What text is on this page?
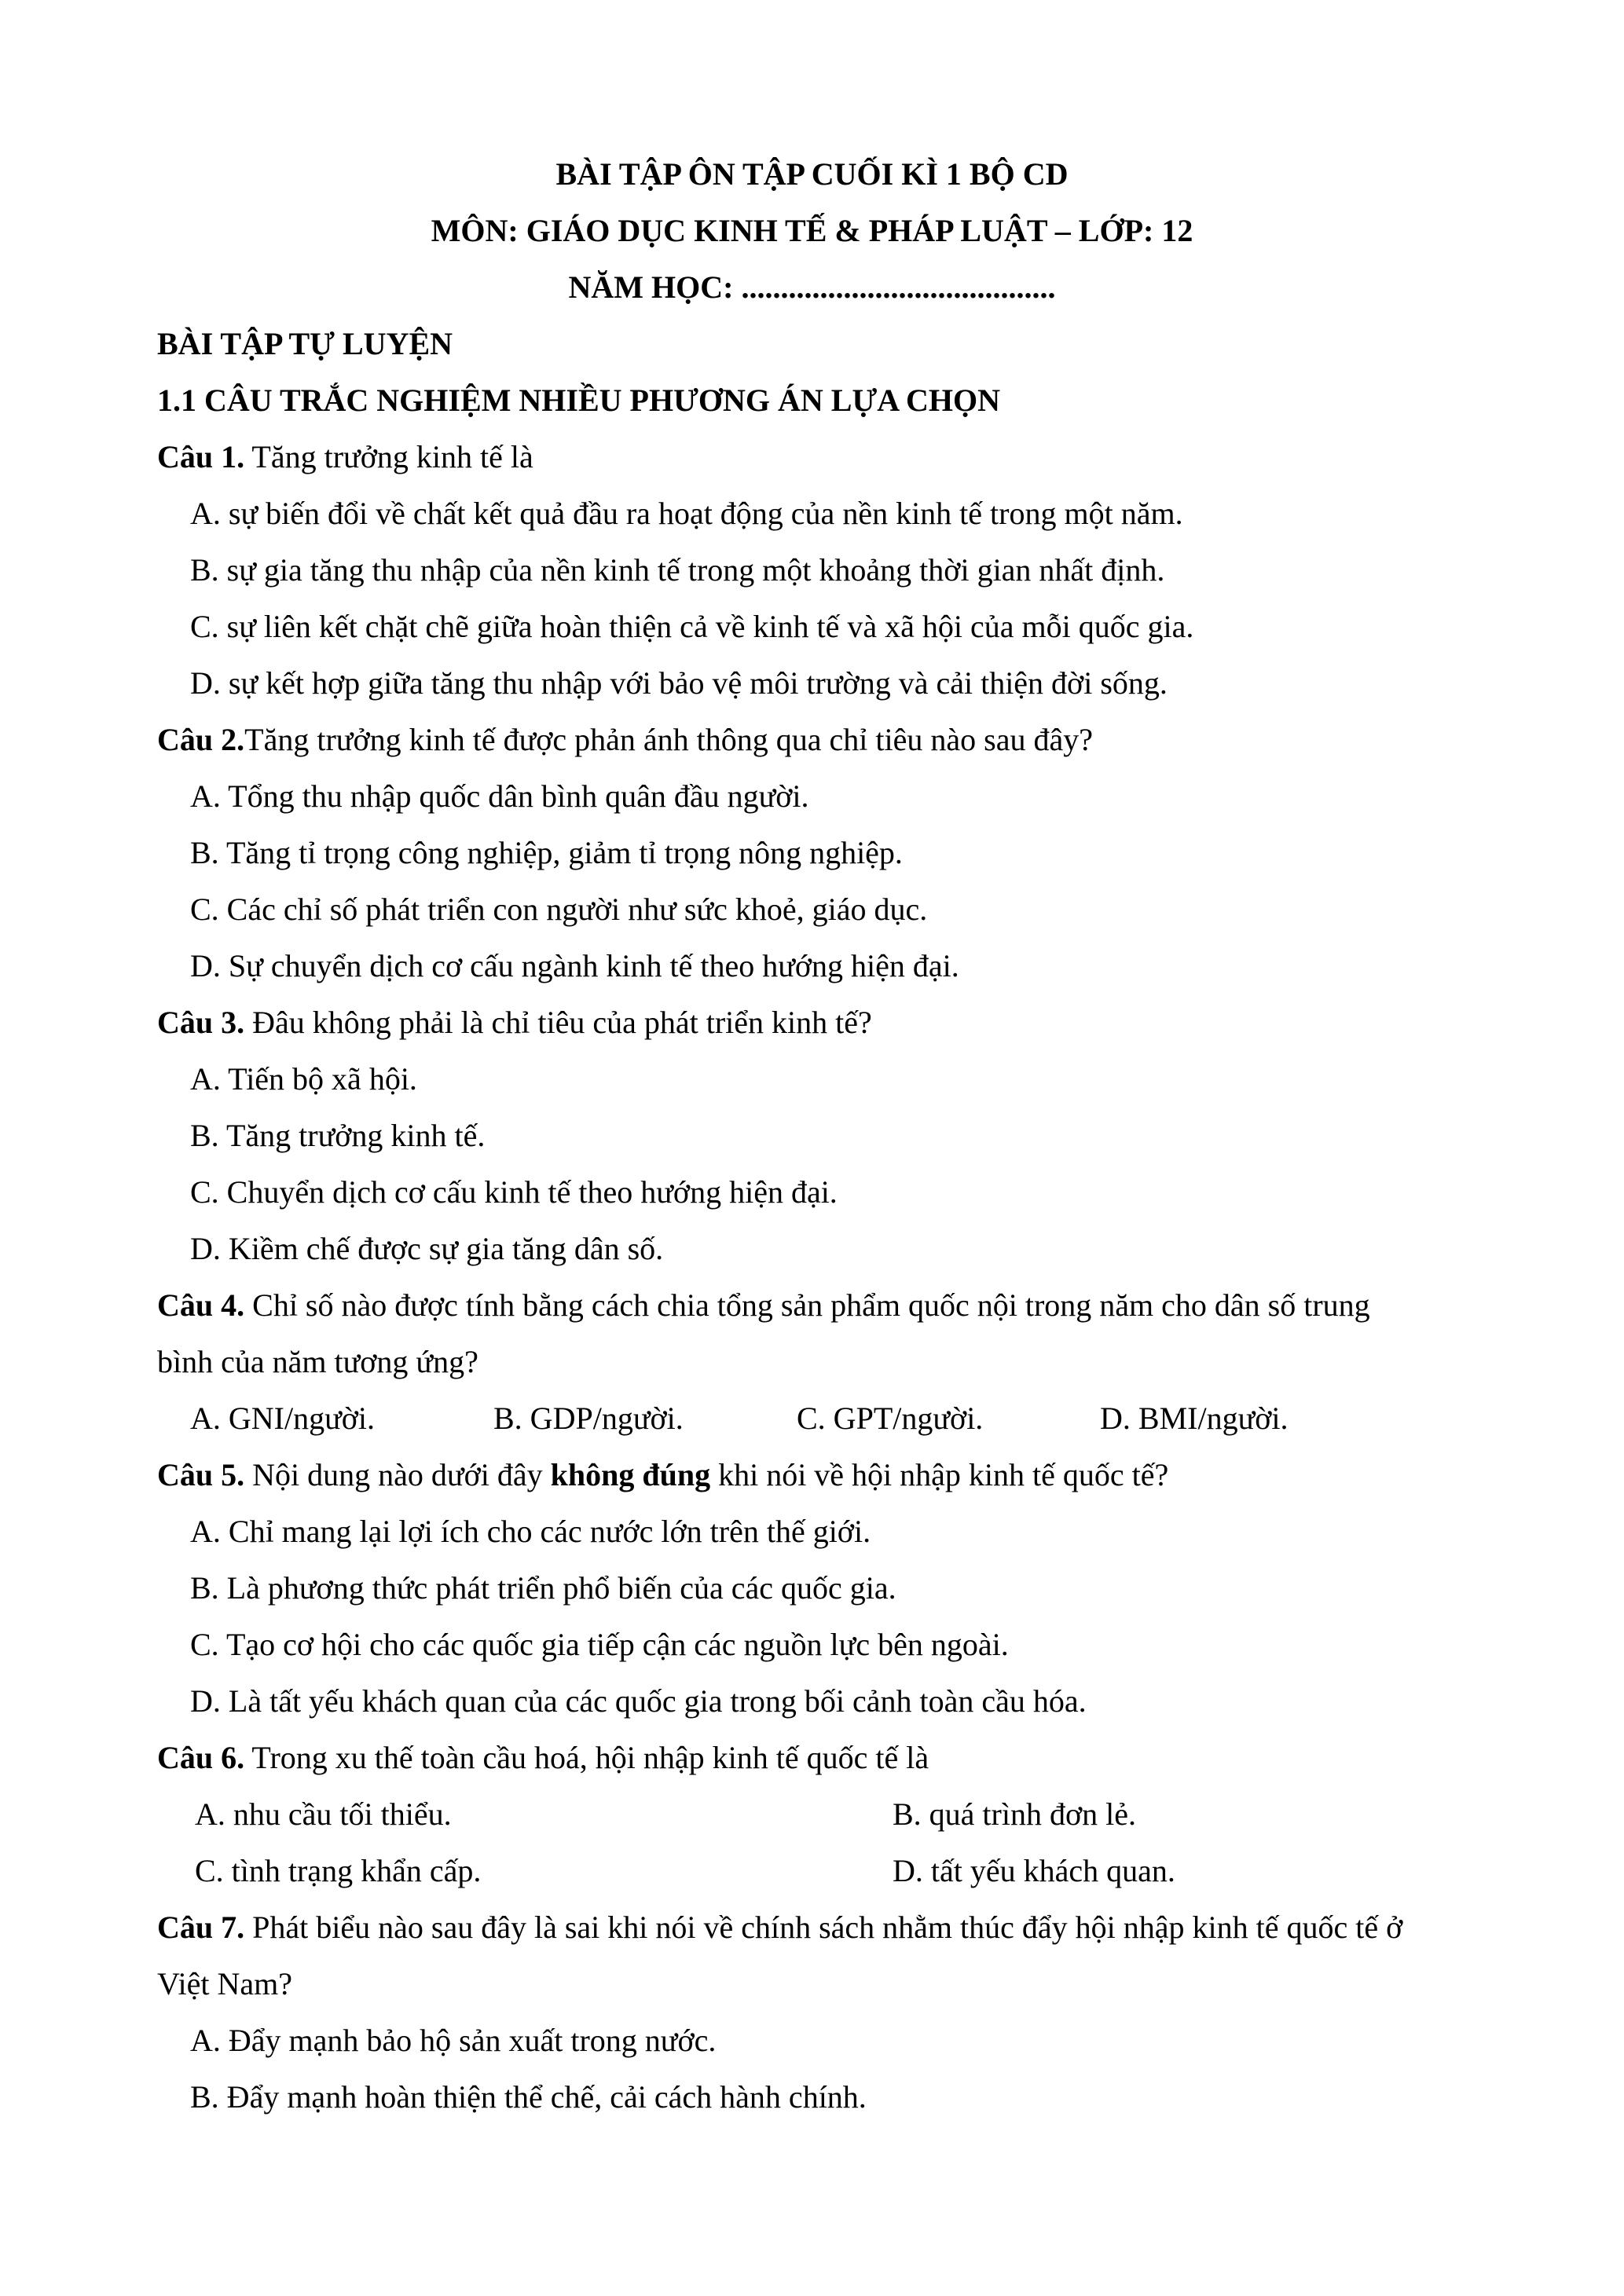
BÀI TẬP ÔN TẬP CUỐI KÌ 1 BỘ CD
MÔN: GIÁO DỤC KINH TẾ & PHÁP LUẬT – LỚP: 12
NĂM HỌC: ........................................
BÀI TẬP TỰ LUYỆN
1.1 CÂU TRẮC NGHIỆM NHIỀU PHƯƠNG ÁN LỰA CHỌN
Câu 1. Tăng trưởng kinh tế là
A. sự biến đổi về chất kết quả đầu ra hoạt động của nền kinh tế trong một năm.
B. sự gia tăng thu nhập của nền kinh tế trong một khoảng thời gian nhất định.
C. sự liên kết chặt chẽ giữa hoàn thiện cả về kinh tế và xã hội của mỗi quốc gia.
D. sự kết hợp giữa tăng thu nhập với bảo vệ môi trường và cải thiện đời sống.
Câu 2.Tăng trưởng kinh tế được phản ánh thông qua chỉ tiêu nào sau đây?
A. Tổng thu nhập quốc dân bình quân đầu người.
B. Tăng tỉ trọng công nghiệp, giảm tỉ trọng nông nghiệp.
C. Các chỉ số phát triển con người như sức khoẻ, giáo dục.
D. Sự chuyển dịch cơ cấu ngành kinh tế theo hướng hiện đại.
Câu 3. Đâu không phải là chỉ tiêu của phát triển kinh tế?
A. Tiến bộ xã hội.
B. Tăng trưởng kinh tế.
C. Chuyển dịch cơ cấu kinh tế theo hướng hiện đại.
D. Kiềm chế được sự gia tăng dân số.
Câu 4. Chỉ số nào được tính bằng cách chia tổng sản phẩm quốc nội trong năm cho dân số trung
bình của năm tương ứng?
A. GNI/người.	B. GDP/người.	C. GPT/người.	D. BMI/người.
Câu 5. Nội dung nào dưới đây không đúng khi nói về hội nhập kinh tế quốc tế?
A. Chỉ mang lại lợi ích cho các nước lớn trên thế giới.
B. Là phương thức phát triển phổ biến của các quốc gia.
C. Tạo cơ hội cho các quốc gia tiếp cận các nguồn lực bên ngoài.
D. Là tất yếu khách quan của các quốc gia trong bối cảnh toàn cầu hóa.
Câu 6. Trong xu thế toàn cầu hoá, hội nhập kinh tế quốc tế là
A. nhu cầu tối thiểu.	B. quá trình đơn lẻ.
C. tình trạng khẩn cấp.	D. tất yếu khách quan.
Câu 7. Phát biểu nào sau đây là sai khi nói về chính sách nhằm thúc đẩy hội nhập kinh tế quốc tế ở
Việt Nam?
A. Đẩy mạnh bảo hộ sản xuất trong nước.
B. Đẩy mạnh hoàn thiện thể chế, cải cách hành chính.
